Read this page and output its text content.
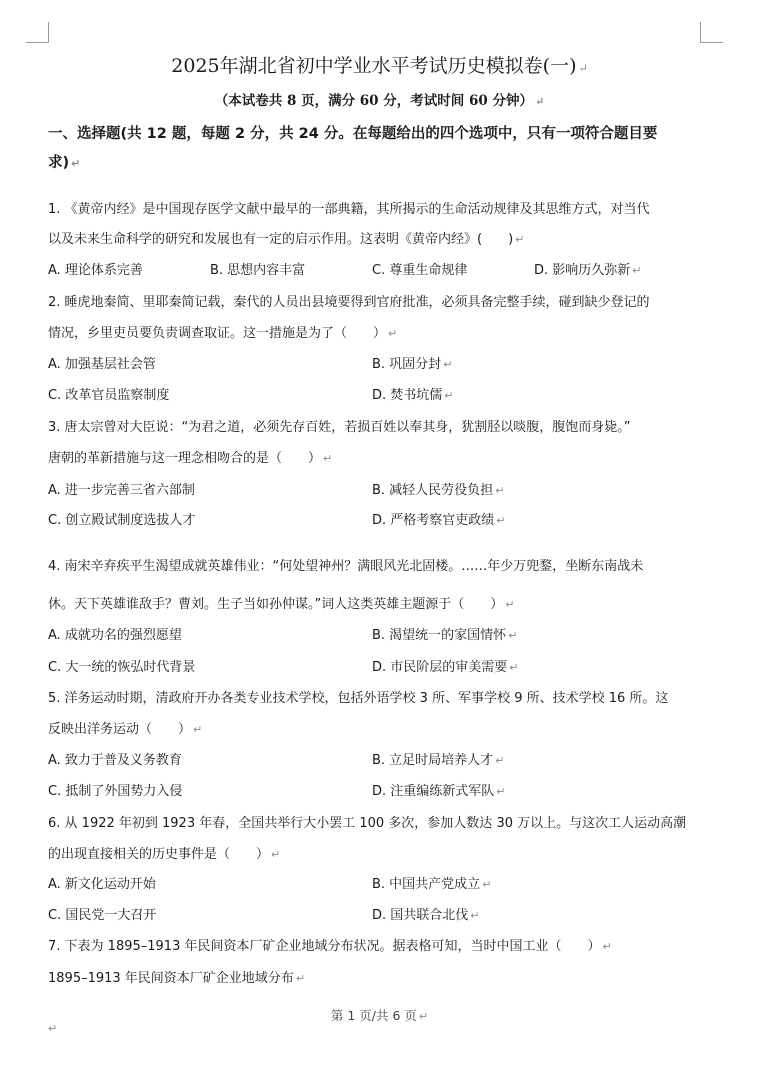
2025年湖北省初中学业水平考试历史模拟卷(一) ↵
（本试卷共 8 页，满分 60 分，考试时间 60 分钟） ↵
一、选择题(共 12 题，每题 2 分，共 24 分。在每题给出的四个选项中，只有一项符合题目要
求) ↵
1. 《黄帝内经》是中国现存医学文献中最早的一部典籍，其所揭示的生命活动规律及其思维方式，对当代
以及未来生命科学的研究和发展也有一定的启示作用。这表明《黄帝内经》(　　) ↵
A. 理论体系完善	B. 思想内容丰富	C. 尊重生命规律	D. 影响历久弥新 ↵
2. 睡虎地秦简、里耶秦简记载，秦代的人员出县境要得到官府批准，必须具备完整手续，碰到缺少登记的
情况，乡里吏员要负责调查取证。这一措施是为了（　　） ↵
A. 加强基层社会管	B. 巩固分封 ↵
C. 改革官员监察制度	D. 焚书坑儒 ↵
3. 唐太宗曾对大臣说：“为君之道，必须先存百姓，若损百姓以奉其身，犹割胫以啖腹，腹饱而身毙。”
唐朝的革新措施与这一理念相吻合的是（　　） ↵
A. 进一步完善三省六部制	B. 减轻人民劳役负担 ↵
C. 创立殿试制度选拔人才	D. 严格考察官吏政绩 ↵
4. 南宋辛弃疾平生渴望成就英雄伟业：“何处望神州？满眼风光北固楼。……年少万兜鍪，坐断东南战未
休。天下英雄谁敌手？曹刘。生子当如孙仲谋。”词人这类英雄主题源于（　　） ↵
A. 成就功名的强烈愿望	B. 渴望统一的家国情怀 ↵
C. 大一统的恢弘时代背景	D. 市民阶层的审美需要 ↵
5. 洋务运动时期，清政府开办各类专业技术学校，包括外语学校 3 所、军事学校 9 所、技术学校 16 所。这
反映出洋务运动（　　） ↵
A. 致力于普及义务教育	B. 立足时局培养人才 ↵
C. 抵制了外国势力入侵	D. 注重编练新式军队 ↵
6. 从 1922 年初到 1923 年春，全国共举行大小罢工 100 多次，参加人数达 30 万以上。与这次工人运动高潮
的出现直接相关的历史事件是（　　） ↵
A. 新文化运动开始	B. 中国共产党成立 ↵
C. 国民党一大召开	D. 国共联合北伐 ↵
7. 下表为 1895–1913 年民间资本厂矿企业地域分布状况。据表格可知，当时中国工业（　　） ↵
1895–1913 年民间资本厂矿企业地域分布 ↵
第 1 页/共 6 页 ↵
↵
